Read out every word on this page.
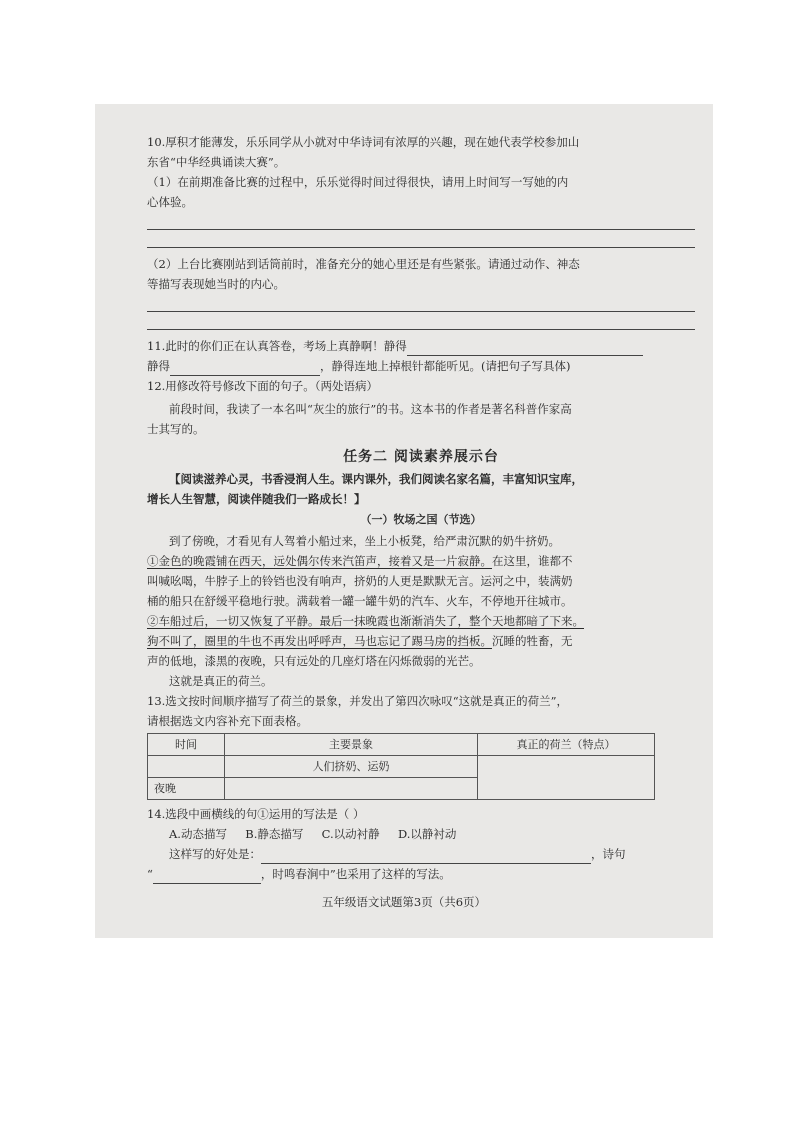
10.厚积才能薄发，乐乐同学从小就对中华诗词有浓厚的兴趣，现在她代表学校参加山

东省“中华经典诵读大赛”。

（1）在前期准备比赛的过程中，乐乐觉得时间过得很快，请用上时间写一写她的内

心体验。

（2）上台比赛刚站到话筒前时，准备充分的她心里还是有些紧张。请通过动作、神态

等描写表现她当时的内心。

11.此时的你们正在认真答卷，考场上真静啊！静得

静得	，静得连地上掉根针都能听见。(请把句子写具体)

12.用修改符号修改下面的句子。（两处语病）

前段时间，我读了一本名叫“灰尘的旅行”的书。这本书的作者是著名科普作家高

士其写的。

任务二 阅读素养展示台

【阅读滋养心灵，书香浸润人生。课内课外，我们阅读名家名篇，丰富知识宝库，

增长人生智慧，阅读伴随我们一路成长！】

（一）牧场之国（节选）

到了傍晚，才看见有人驾着小船过来，坐上小板凳，给严肃沉默的奶牛挤奶。

①金色的晚霞铺在西天，远处偶尔传来汽笛声，接着又是一片寂静。在这里，谁都不

叫喊吆喝，牛脖子上的铃铛也没有响声，挤奶的人更是默默无言。运河之中，装满奶

桶的船只在舒缓平稳地行驶。满载着一罐一罐牛奶的汽车、火车，不停地开往城市。

②车船过后，一切又恢复了平静。最后一抹晚霞也渐渐消失了，整个天地都暗了下来。

狗不叫了，圈里的牛也不再发出呼呼声，马也忘记了踢马房的挡板。沉睡的牲畜，无

声的低地，漆黑的夜晚，只有远处的几座灯塔在闪烁微弱的光芒。

这就是真正的荷兰。

13.选文按时间顺序描写了荷兰的景象，并发出了第四次咏叹“这就是真正的荷兰”，

请根据选文内容补充下面表格。

时间	主要景象	真正的荷兰（特点）
	人们挤奶、运奶	
夜晚		

14.选段中画横线的句①运用的写法是（ ）

A.动态描写 B.静态描写 C.以动衬静 D.以静衬动

这样写的好处是：	，诗句

“	，时鸣春涧中”也采用了这样的写法。

五年级语文试题第3页（共6页）
